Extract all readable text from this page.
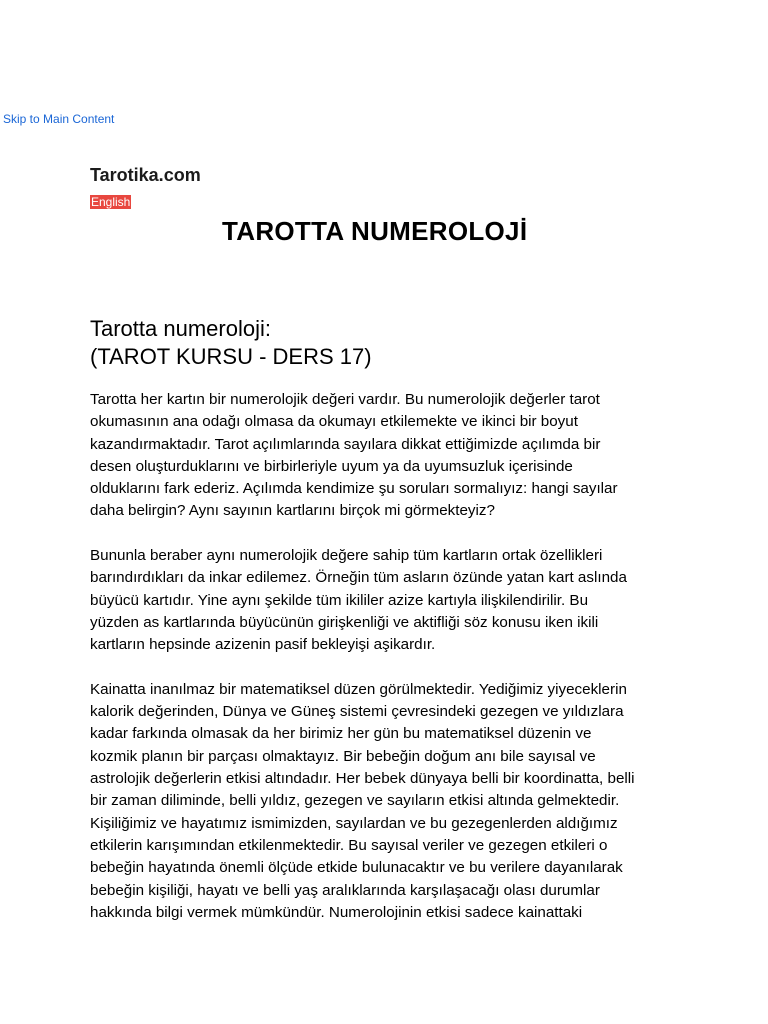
Skip to Main Content
Tarotika.com
English
TAROTTA NUMEROLOJİ
Tarotta numeroloji:
(TAROT KURSU - DERS 17)

Tarotta her kartın bir numerolojik değeri vardır. Bu numerolojik değerler tarot
okumasının ana odağı olmasa da okumayı etkilemekte ve ikinci bir boyut
kazandırmaktadır. Tarot açılımlarında sayılara dikkat ettiğimizde açılımda bir
desen oluşturduklarını ve birbirleriyle uyum ya da uyumsuzluk içerisinde
olduklarını fark ederiz. Açılımda kendimize şu soruları sormalıyız: hangi sayılar
daha belirgin? Aynı sayının kartlarını birçok mi görmekteyiz?

Bununla beraber aynı numerolojik değere sahip tüm kartların ortak özellikleri
barındırdıkları da inkar edilemez. Örneğin tüm asların özünde yatan kart aslında
büyücü kartıdır. Yine aynı şekilde tüm ikililer azize kartıyla ilişkilendirilir. Bu
yüzden as kartlarında büyücünün girişkenliği ve aktifliği söz konusu iken ikili
kartların hepsinde azizenin pasif bekleyişi aşikardır.

Kainatta inanılmaz bir matematiksel düzen görülmektedir. Yediğimiz yiyeceklerin
kalorik değerinden, Dünya ve Güneş sistemi çevresindeki gezegen ve yıldızlara
kadar farkında olmasak da her birimiz her gün bu matematiksel düzenin ve
kozmik planın bir parçası olmaktayız. Bir bebeğin doğum anı bile sayısal ve
astrolojik değerlerin etkisi altındadır. Her bebek dünyaya belli bir koordinatta, belli
bir zaman diliminde, belli yıldız, gezegen ve sayıların etkisi altında gelmektedir.
Kişiliğimiz ve hayatımız ismimizden, sayılardan ve bu gezegenlerden aldığımız
etkilerin karışımından etkilenmektedir. Bu sayısal veriler ve gezegen etkileri o
bebeğin hayatında önemli ölçüde etkide bulunacaktır ve bu verilere dayanılarak
bebeğin kişiliği, hayatı ve belli yaş aralıklarında karşılaşacağı olası durumlar
hakkında bilgi vermek mümkündür. Numerolojinin etkisi sadece kainattaki
